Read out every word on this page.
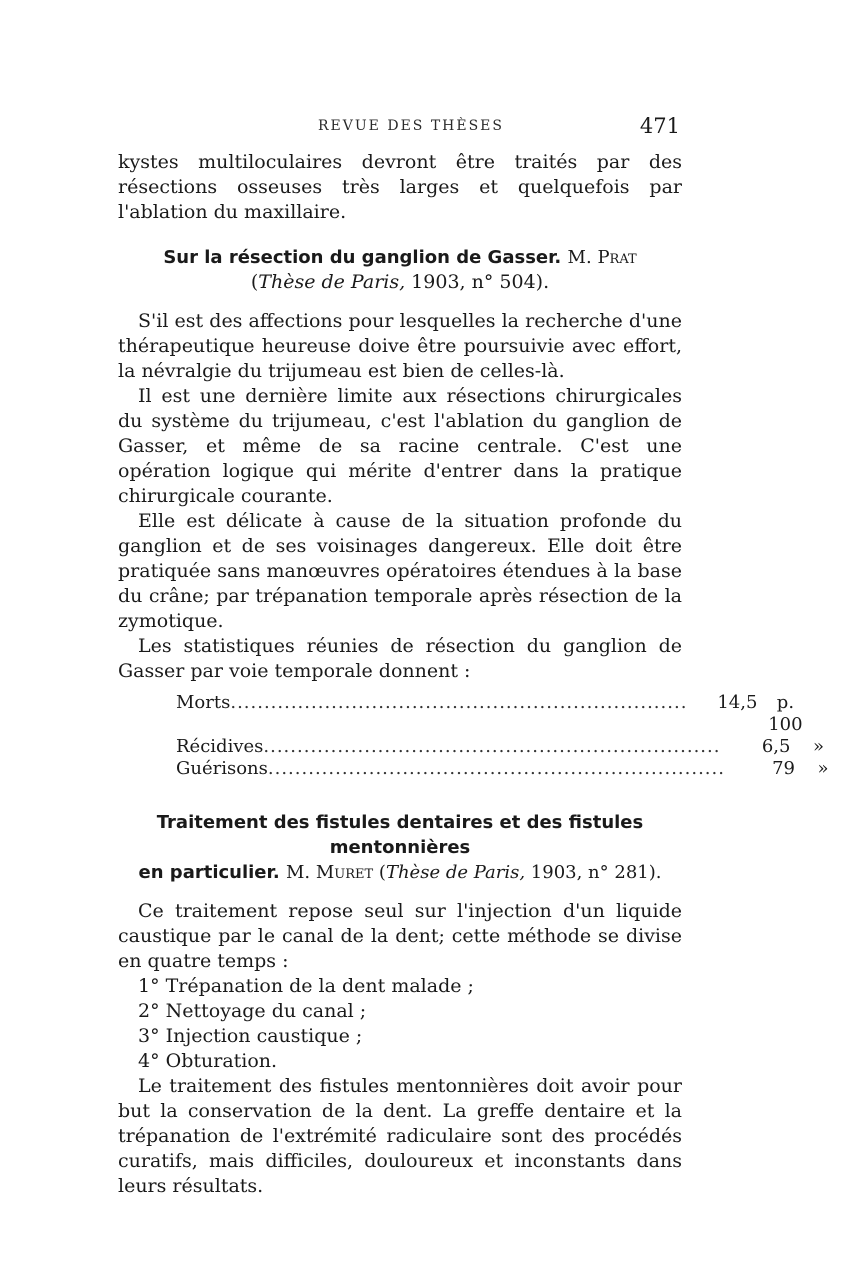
REVUE DES THÈSES	471

kystes multiloculaires devront être traités par des résections osseuses très larges et quelquefois par l'ablation du maxillaire.

Sur la résection du ganglion de Gasser. M. Prat
(Thèse de Paris, 1903, n° 504).

S'il est des affections pour lesquelles la recherche d'une thérapeutique heureuse doive être poursuivie avec effort, la névralgie du trijumeau est bien de celles-là.

Il est une dernière limite aux résections chirurgicales du système du trijumeau, c'est l'ablation du ganglion de Gasser, et même de sa racine centrale. C'est une opération logique qui mérite d'entrer dans la pratique chirurgicale courante.

Elle est délicate à cause de la situation profonde du ganglion et de ses voisinages dangereux. Elle doit être pratiquée sans manœuvres opératoires étendues à la base du crâne; par trépanation temporale après résection de la zymotique.

Les statistiques réunies de résection du ganglion de Gasser par voie temporale donnent :

Morts ....................................................................	14,5	p. 100
Récidives ....................................................................	6,5	»
Guérisons ....................................................................	79	»
Traitement des fistules dentaires et des fistules mentonnières
en particulier. M. Muret (Thèse de Paris, 1903, n° 281).

Ce traitement repose seul sur l'injection d'un liquide caustique par le canal de la dent; cette méthode se divise en quatre temps :

1° Trépanation de la dent malade ;
2° Nettoyage du canal ;
3° Injection caustique ;
4° Obturation.

Le traitement des fistules mentonnières doit avoir pour but la conservation de la dent. La greffe dentaire et la trépanation de l'extrémité radiculaire sont des procédés curatifs, mais difficiles, douloureux et inconstants dans leurs résultats.
